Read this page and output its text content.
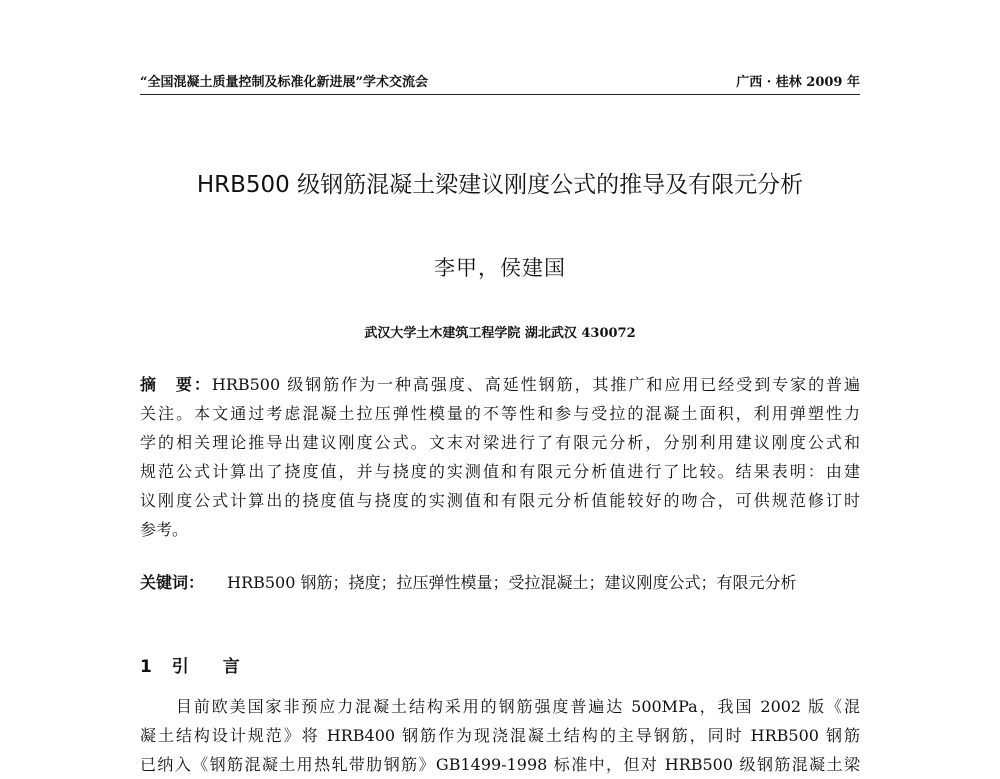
“全国混凝土质量控制及标准化新进展”学术交流会	广西 · 桂林 2009 年
HRB500 级钢筋混凝土梁建议刚度公式的推导及有限元分析
李甲，侯建国
武汉大学土木建筑工程学院 湖北武汉 430072
摘　要：HRB500 级钢筋作为一种高强度、高延性钢筋，其推广和应用已经受到专家的普遍
关注。本文通过考虑混凝土拉压弹性模量的不等性和参与受拉的混凝土面积，利用弹塑性力
学的相关理论推导出建议刚度公式。文末对梁进行了有限元分析，分别利用建议刚度公式和
规范公式计算出了挠度值，并与挠度的实测值和有限元分析值进行了比较。结果表明：由建
议刚度公式计算出的挠度值与挠度的实测值和有限元分析值能较好的吻合，可供规范修订时
参考。
关键词： HRB500 钢筋；挠度；拉压弹性模量；受拉混凝土；建议刚度公式；有限元分析
1 引　　言
　　目前欧美国家非预应力混凝土结构采用的钢筋强度普遍达 500MPa，我国 2002 版《混
凝土结构设计规范》将 HRB400 钢筋作为现浇混凝土结构的主导钢筋，同时 HRB500 钢筋
已纳入《钢筋混凝土用热轧带肋钢筋》GB1499-1998 标准中，但对 HRB500 级钢筋混凝土梁
